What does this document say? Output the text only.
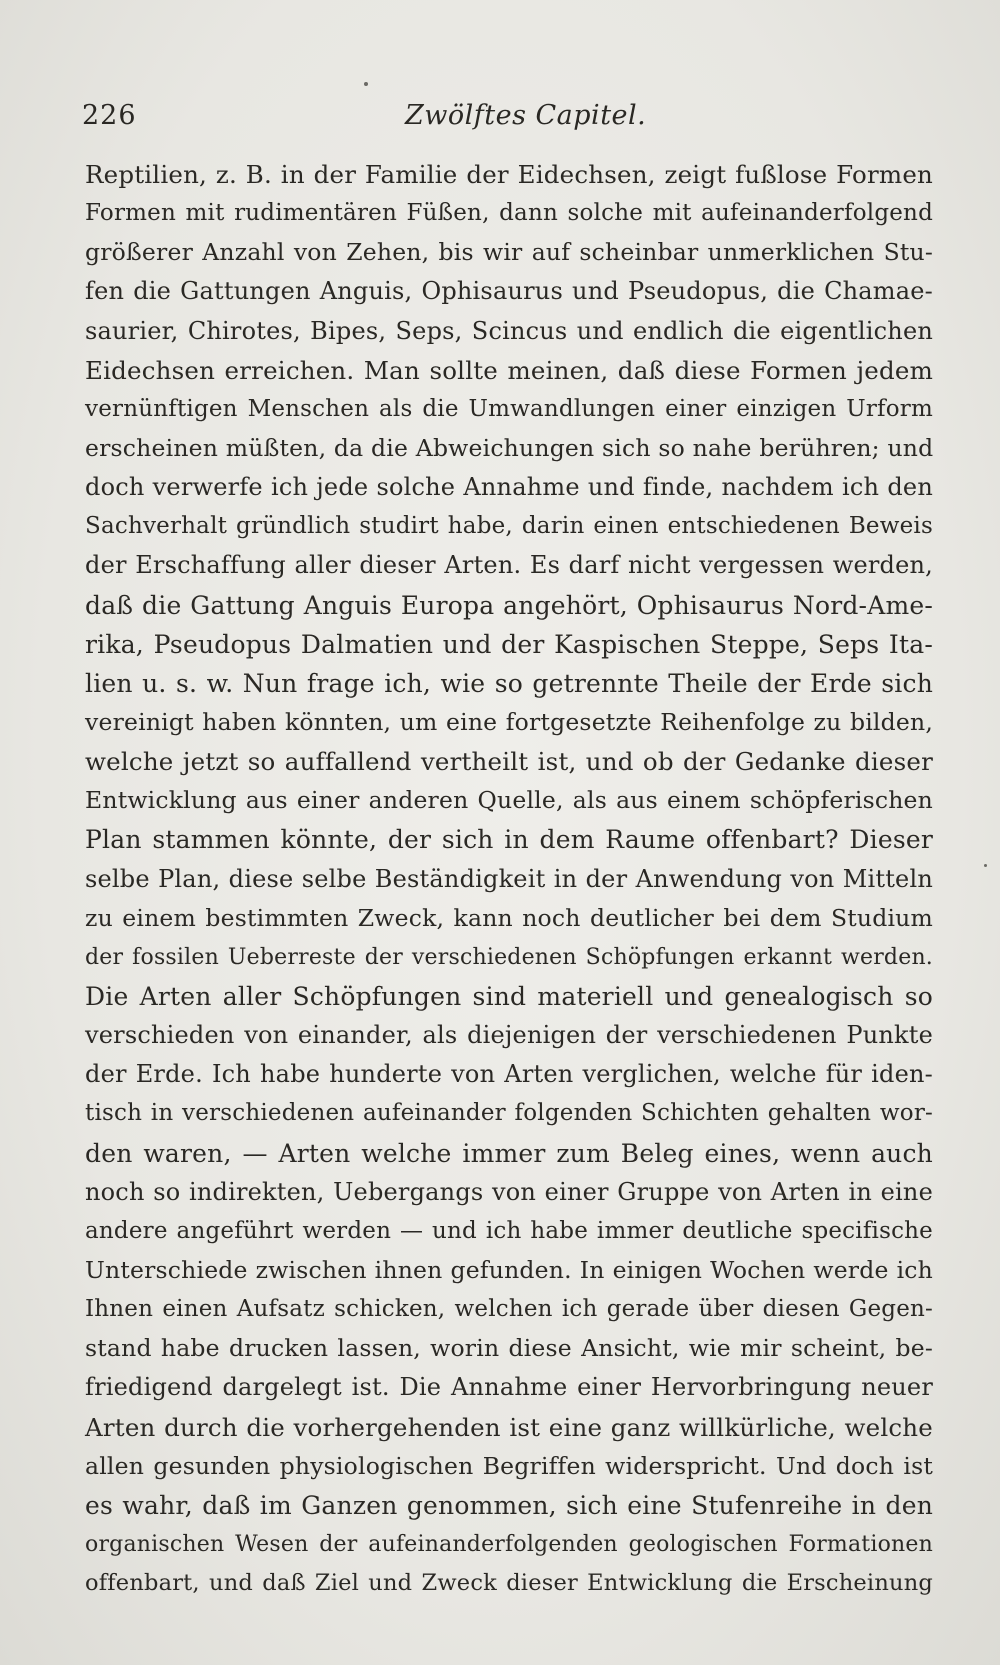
226	Zwölftes Capitel.
Reptilien, z. B. in der Familie der Eidechsen, zeigt fußlose Formen
Formen mit rudimentären Füßen, dann solche mit aufeinanderfolgend
größerer Anzahl von Zehen, bis wir auf scheinbar unmerklichen Stu-
fen die Gattungen Anguis, Ophisaurus und Pseudopus, die Chamae-
saurier, Chirotes, Bipes, Seps, Scincus und endlich die eigentlichen
Eidechsen erreichen. Man sollte meinen, daß diese Formen jedem
vernünftigen Menschen als die Umwandlungen einer einzigen Urform
erscheinen müßten, da die Abweichungen sich so nahe berühren; und
doch verwerfe ich jede solche Annahme und finde, nachdem ich den
Sachverhalt gründlich studirt habe, darin einen entschiedenen Beweis
der Erschaffung aller dieser Arten. Es darf nicht vergessen werden,
daß die Gattung Anguis Europa angehört, Ophisaurus Nord-Ame-
rika, Pseudopus Dalmatien und der Kaspischen Steppe, Seps Ita-
lien u. s. w. Nun frage ich, wie so getrennte Theile der Erde sich
vereinigt haben könnten, um eine fortgesetzte Reihenfolge zu bilden,
welche jetzt so auffallend vertheilt ist, und ob der Gedanke dieser
Entwicklung aus einer anderen Quelle, als aus einem schöpferischen
Plan stammen könnte, der sich in dem Raume offenbart? Dieser
selbe Plan, diese selbe Beständigkeit in der Anwendung von Mitteln
zu einem bestimmten Zweck, kann noch deutlicher bei dem Studium
der fossilen Ueberreste der verschiedenen Schöpfungen erkannt werden.
Die Arten aller Schöpfungen sind materiell und genealogisch so
verschieden von einander, als diejenigen der verschiedenen Punkte
der Erde. Ich habe hunderte von Arten verglichen, welche für iden-
tisch in verschiedenen aufeinander folgenden Schichten gehalten wor-
den waren, — Arten welche immer zum Beleg eines, wenn auch
noch so indirekten, Uebergangs von einer Gruppe von Arten in eine
andere angeführt werden — und ich habe immer deutliche specifische
Unterschiede zwischen ihnen gefunden. In einigen Wochen werde ich
Ihnen einen Aufsatz schicken, welchen ich gerade über diesen Gegen-
stand habe drucken lassen, worin diese Ansicht, wie mir scheint, be-
friedigend dargelegt ist. Die Annahme einer Hervorbringung neuer
Arten durch die vorhergehenden ist eine ganz willkürliche, welche
allen gesunden physiologischen Begriffen widerspricht. Und doch ist
es wahr, daß im Ganzen genommen, sich eine Stufenreihe in den
organischen Wesen der aufeinanderfolgenden geologischen Formationen
offenbart, und daß Ziel und Zweck dieser Entwicklung die Erscheinung
